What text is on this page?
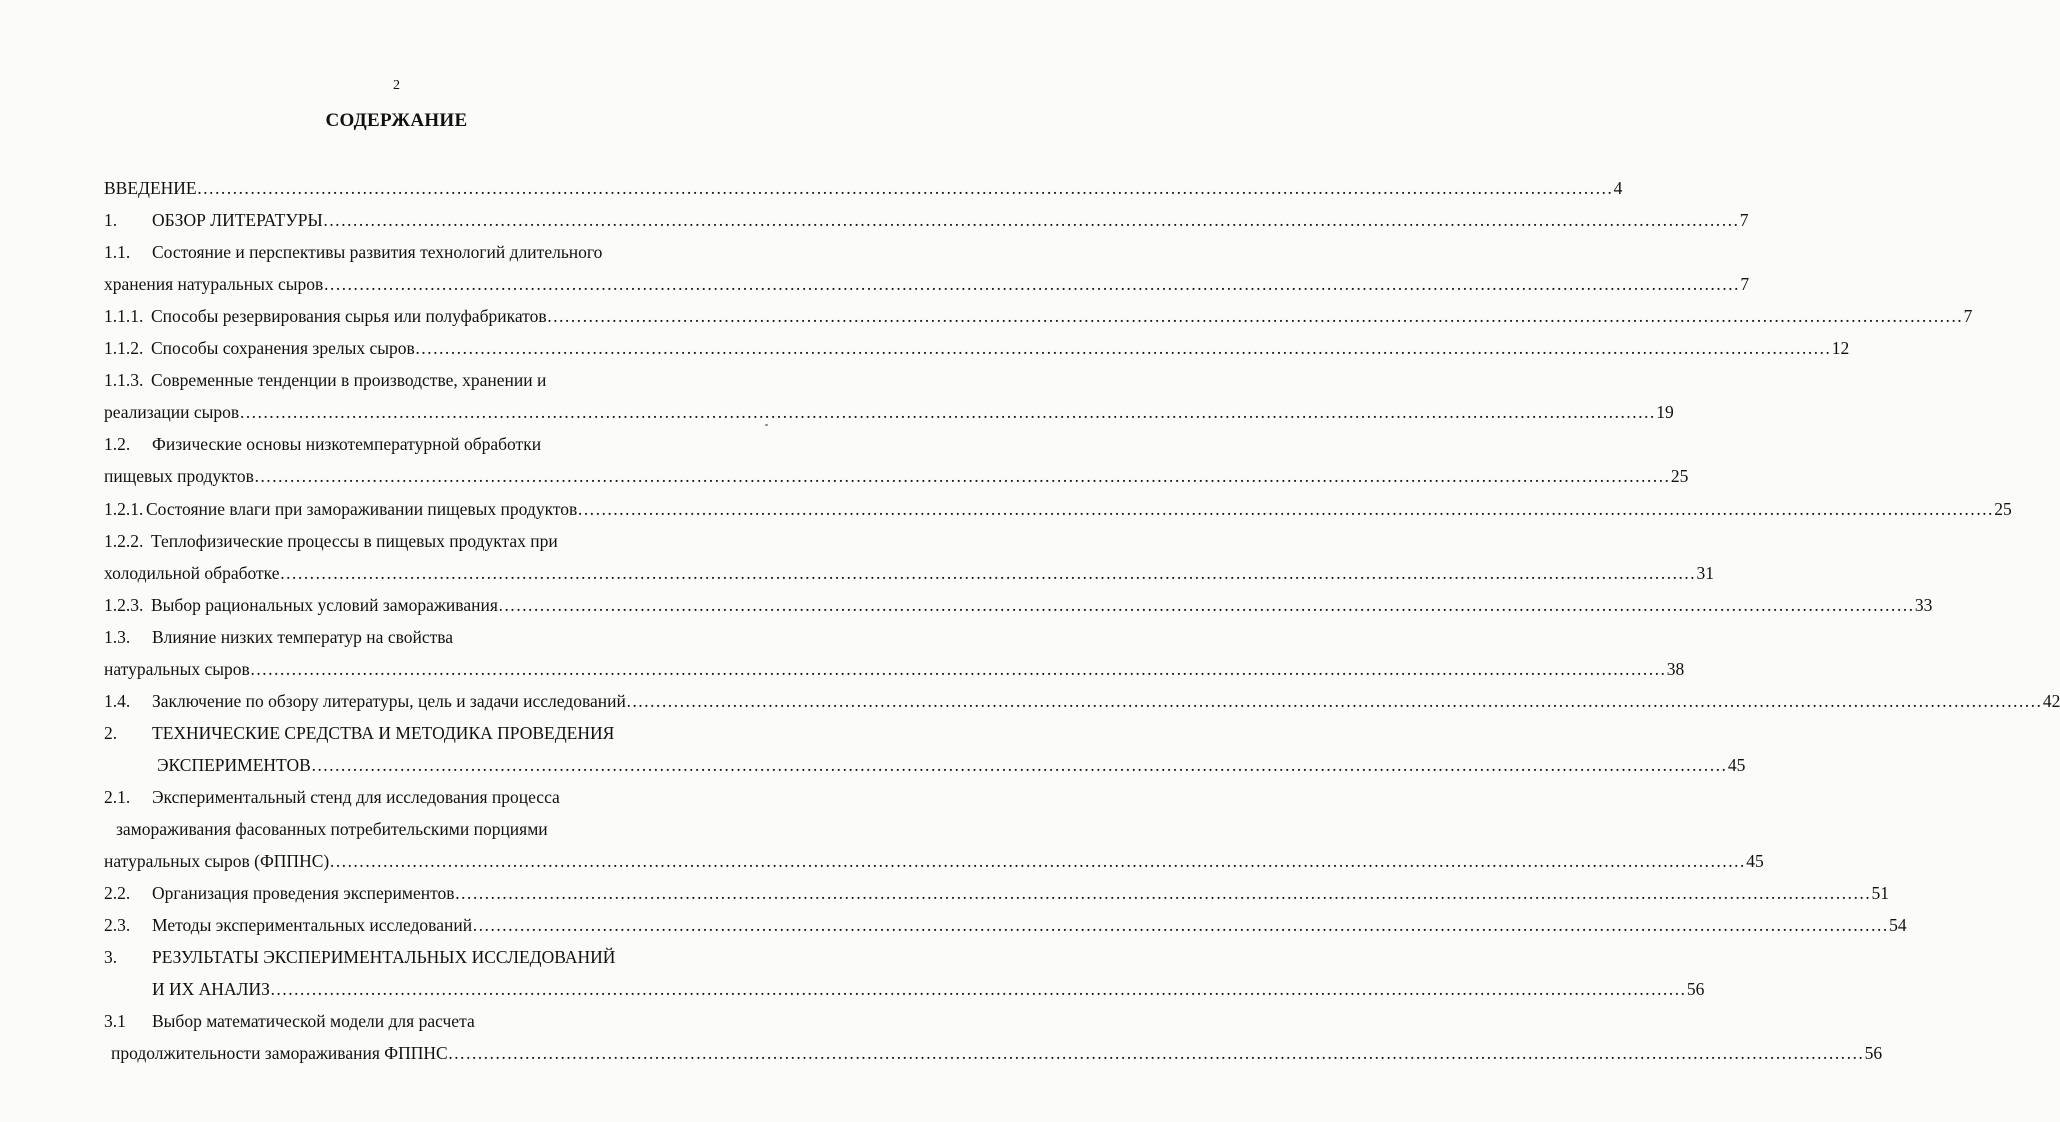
2
СОДЕРЖАНИЕ
ВВЕДЕНИЕ …………………………………………………………………………………………………………………………………………………………………………………………………………………… 4
1. ОБЗОР ЛИТЕРАТУРЫ …………………………………………………………………………………………………………………………………………………………………………………………………………………… 7
1.1. Состояние и перспективы развития технологий длительного
хранения натуральных сыров …………………………………………………………………………………………………………………………………………………………………………………………………………………… 7
1.1.1. Способы резервирования сырья или полуфабрикатов …………………………………………………………………………………………………………………………………………………………………………………………………………………… 7
1.1.2. Способы сохранения зрелых сыров …………………………………………………………………………………………………………………………………………………………………………………………………………………… 12
1.1.3. Современные тенденции в производстве, хранении и
реализации сыров …………………………………………………………………………………………………………………………………………………………………………………………………………………… 19
1.2. Физические основы низкотемпературной обработки
пищевых продуктов …………………………………………………………………………………………………………………………………………………………………………………………………………………… 25
1.2.1. Состояние влаги при замораживании пищевых продуктов …………………………………………………………………………………………………………………………………………………………………………………………………………………… 25
1.2.2. Теплофизические процессы в пищевых продуктах при
холодильной обработке …………………………………………………………………………………………………………………………………………………………………………………………………………………… 31
1.2.3. Выбор рациональных условий замораживания …………………………………………………………………………………………………………………………………………………………………………………………………………………… 33
1.3. Влияние низких температур на свойства
натуральных сыров …………………………………………………………………………………………………………………………………………………………………………………………………………………… 38
1.4. Заключение по обзору литературы, цель и задачи исследований …………………………………………………………………………………………………………………………………………………………………………………………………………………… 42
2. ТЕХНИЧЕСКИЕ СРЕДСТВА И МЕТОДИКА ПРОВЕДЕНИЯ
ЭКСПЕРИМЕНТОВ …………………………………………………………………………………………………………………………………………………………………………………………………………………… 45
2.1. Экспериментальный стенд для исследования процесса
замораживания фасованных потребительскими порциями
натуральных сыров (ФППНС) …………………………………………………………………………………………………………………………………………………………………………………………………………………… 45
2.2. Организация проведения экспериментов …………………………………………………………………………………………………………………………………………………………………………………………………………………… 51
2.3. Методы экспериментальных исследований …………………………………………………………………………………………………………………………………………………………………………………………………………………… 54
3. РЕЗУЛЬТАТЫ ЭКСПЕРИМЕНТАЛЬНЫХ ИССЛЕДОВАНИЙ
И ИХ АНАЛИЗ …………………………………………………………………………………………………………………………………………………………………………………………………………………… 56
3.1 Выбор математической модели для расчета
продолжительности замораживания ФППНС …………………………………………………………………………………………………………………………………………………………………………………………………………………… 56
